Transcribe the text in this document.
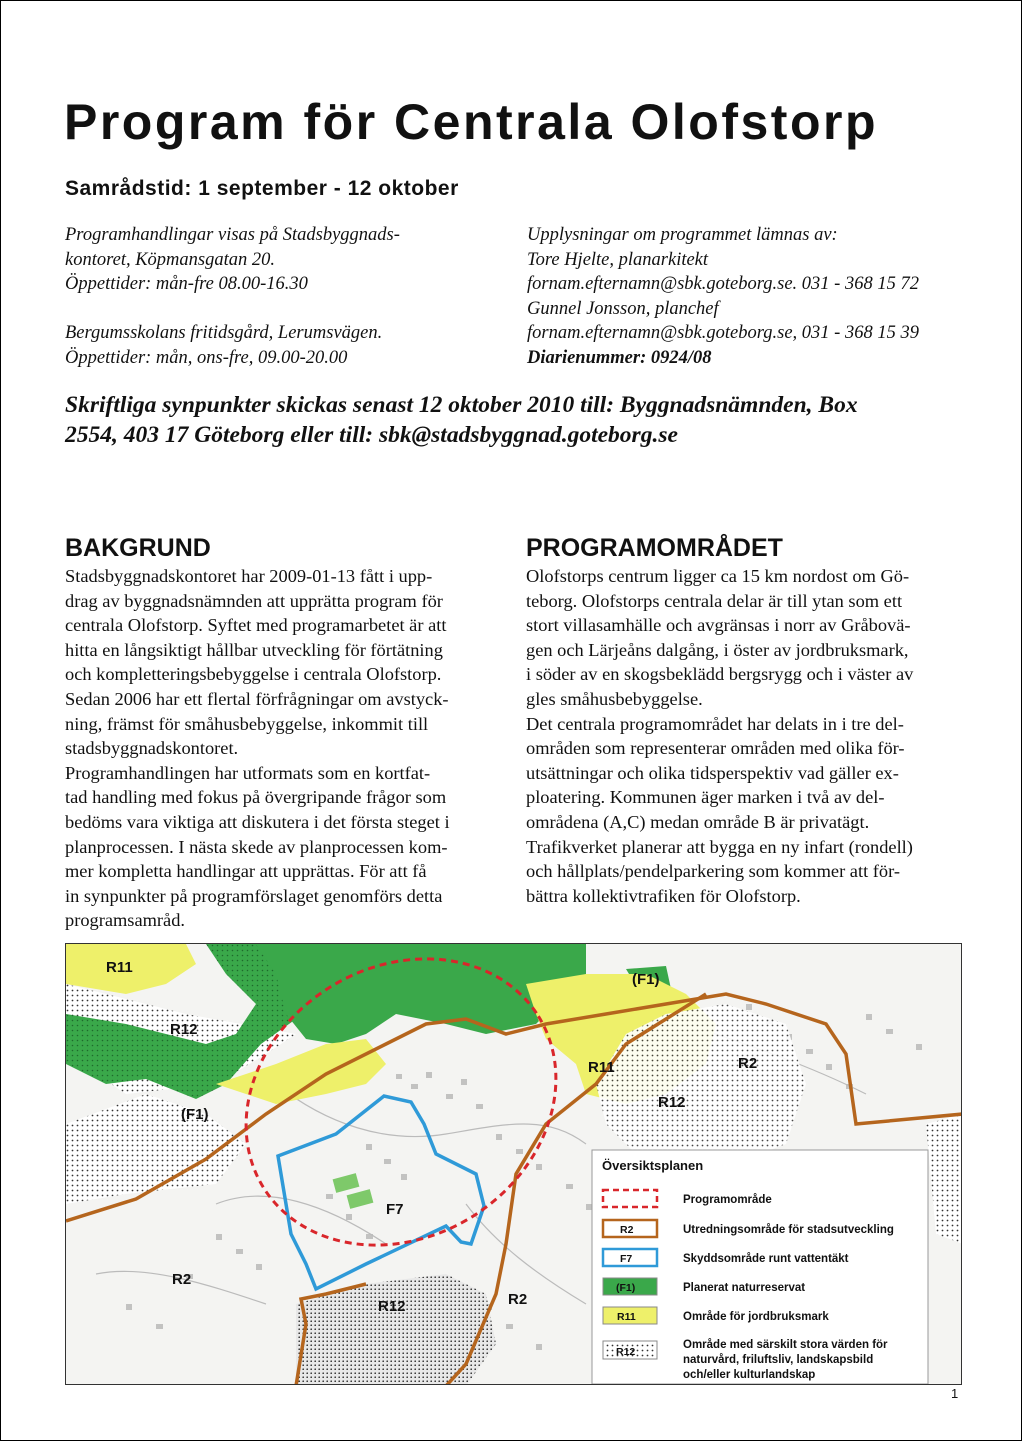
Program för Centrala Olofstorp
Samrådstid: 1 september - 12 oktober
Programhandlingar visas på Stadsbyggnads-
kontoret, Köpmansgatan 20.
Öppettider: mån-fre 08.00-16.30
Bergumsskolans fritidsgård, Lerumsvägen.
Öppettider: mån, ons-fre, 09.00-20.00
Upplysningar om programmet lämnas av:
Tore Hjelte, planarkitekt
fornam.efternamn@sbk.goteborg.se. 031 - 368 15 72
Gunnel Jonsson, planchef
fornam.efternamn@sbk.goteborg.se, 031 - 368 15 39
Diarienummer: 0924/08
Skriftliga synpunkter skickas senast 12 oktober 2010 till: Byggnadsnämnden, Box
2554, 403 17 Göteborg eller till: sbk@stadsbyggnad.goteborg.se
BAKGRUND
Stadsbyggnadskontoret har 2009-01-13 fått i upp-
drag av byggnadsnämnden att upprätta program för
centrala Olofstorp. Syftet med programarbetet är att
hitta en långsiktigt hållbar utveckling för förtätning
och kompletteringsbebyggelse i centrala Olofstorp.
Sedan 2006 har ett flertal förfrågningar om avstyck-
ning, främst för småhusbebyggelse, inkommit till
stadsbyggnadskontoret.
Programhandlingen har utformats som en kortfat-
tad handling med fokus på övergripande frågor som
bedöms vara viktiga att diskutera i det första steget i
planprocessen. I nästa skede av planprocessen kom-
mer kompletta handlingar att upprättas. För att få
in synpunkter på programförslaget genomförs detta
programsamråd.
PROGRAMOMRÅDET
Olofstorps centrum ligger ca 15 km nordost om Gö-
teborg. Olofstorps centrala delar är till ytan som ett
stort villasamhälle och avgränsas i norr av Gråbovä-
gen och Lärjeåns dalgång, i öster av jordbruksmark,
i söder av en skogsbeklädd bergsrygg och i väster av
gles småhusbebyggelse.
Det centrala programområdet har delats in i tre del-
områden som representerar områden med olika för-
utsättningar och olika tidsperspektiv vad gäller ex-
ploatering. Kommunen äger marken i två av del-
områdena (A,C) medan område B är privatägt.
Trafikverket planerar att bygga en ny infart (rondell)
och hållplats/pendelparkering som kommer att för-
bättra kollektivtrafiken för Olofstorp.
R11
R12
(F1)
(F1)
R11	R2
R12
F7
R2
R12	R2
Översiktsplanen
Programområde
R2	Utredningsområde för stadsutveckling
F7	Skyddsområde runt vattentäkt
(F1)	Planerat naturreservat
R11	Område för jordbruksmark
R12
Område med särskilt stora värden för
naturvård, friluftsliv, landskapsbild
och/eller kulturlandskap
1
